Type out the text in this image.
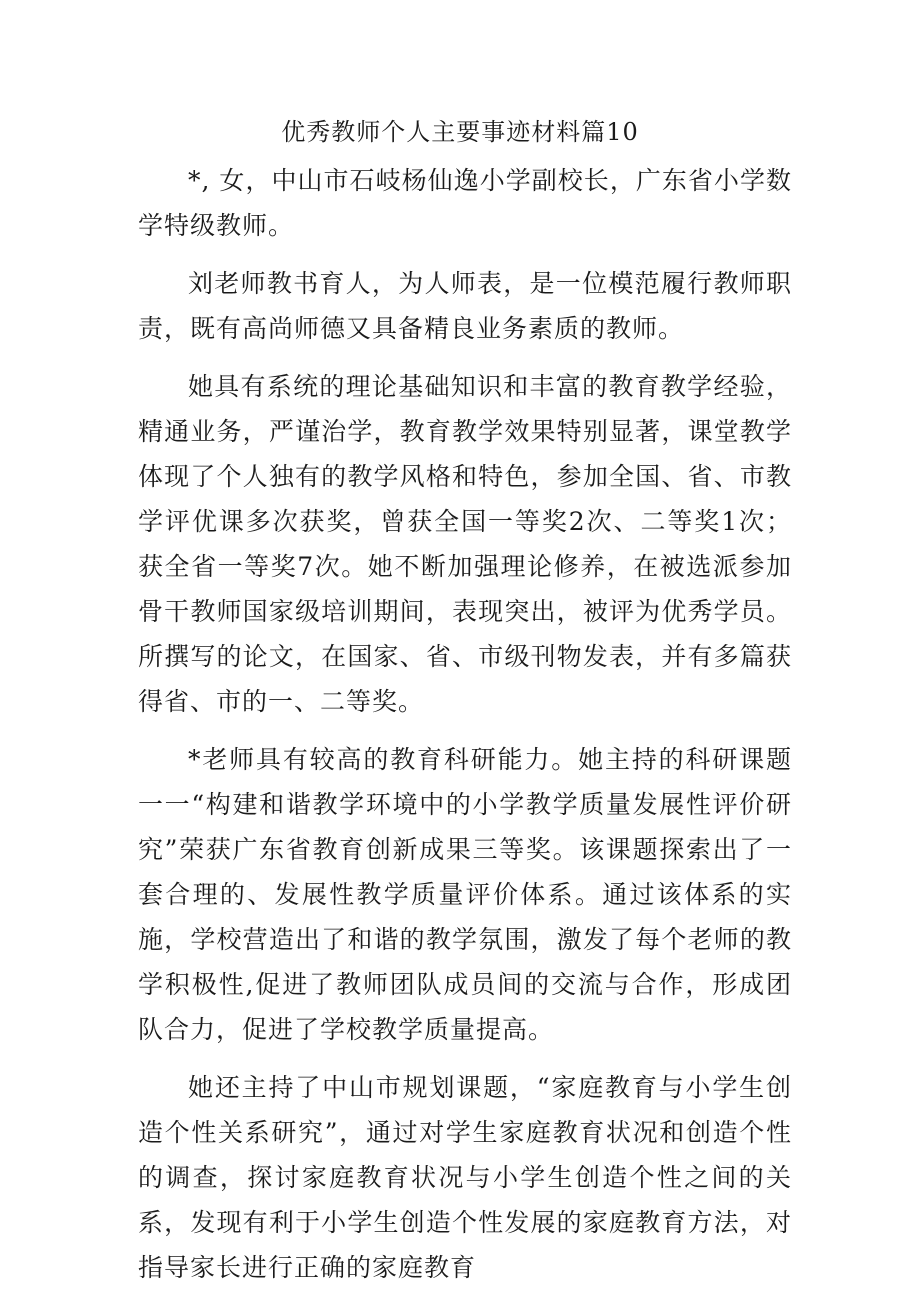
优秀教师个人主要事迹材料篇10

*, 女，中山市石岐杨仙逸小学副校长，广东省小学数学特级教师。

刘老师教书育人，为人师表，是一位模范履行教师职责，既有高尚师德又具备精良业务素质的教师。

她具有系统的理论基础知识和丰富的教育教学经验，精通业务，严谨治学，教育教学效果特别显著，课堂教学体现了个人独有的教学风格和特色，参加全国、省、市教学评优课多次获奖，曾获全国一等奖2次、二等奖1次；获全省一等奖7次。她不断加强理论修养，在被选派参加骨干教师国家级培训期间，表现突出，被评为优秀学员。所撰写的论文，在国家、省、市级刊物发表，并有多篇获得省、市的一、二等奖。

*老师具有较高的教育科研能力。她主持的科研课题一一“构建和谐教学环境中的小学教学质量发展性评价研究”荣获广东省教育创新成果三等奖。该课题探索出了一套合理的、发展性教学质量评价体系。通过该体系的实施，学校营造出了和谐的教学氛围，激发了每个老师的教学积极性,促进了教师团队成员间的交流与合作，形成团队合力，促进了学校教学质量提高。

她还主持了中山市规划课题，“家庭教育与小学生创造个性关系研究”，通过对学生家庭教育状况和创造个性的调查，探讨家庭教育状况与小学生创造个性之间的关系，发现有利于小学生创造个性发展的家庭教育方法，对指导家长进行正确的家庭教育
